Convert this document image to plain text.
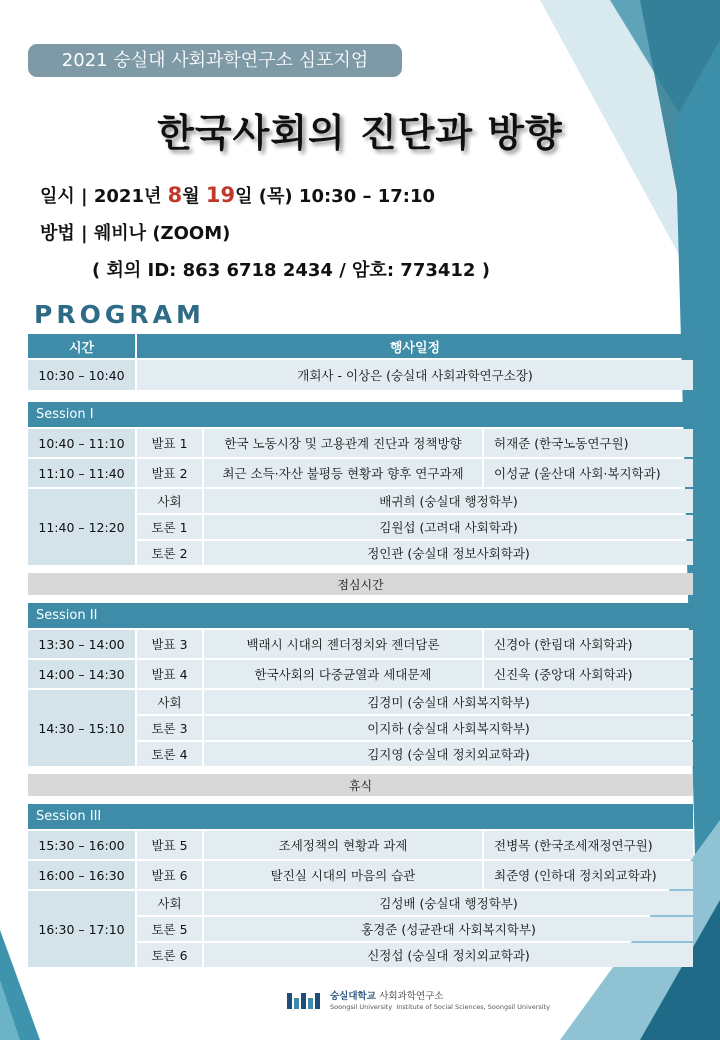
2021 숭실대 사회과학연구소 심포지엄
한국사회의 진단과 방향
일시 | 2021년 8월 19일 (목) 10:30 – 17:10
방법 | 웨비나 (ZOOM)
( 회의 ID: 863 6718 2434 / 암호: 773412 )
PROGRAM
시간	행사일정
10:30 – 10:40	개회사 - 이상은 (숭실대 사회과학연구소장)
Session I
10:40 – 11:10	발표 1	한국 노동시장 및 고용관계 진단과 정책방향	허재준 (한국노동연구원)
11:10 – 11:40	발표 2	최근 소득·자산 불평등 현황과 향후 연구과제	이성균 (울산대 사회·복지학과)
11:40 – 12:20
사회	배귀희 (숭실대 행정학부)
토론 1	김원섭 (고려대 사회학과)
토론 2	정인관 (숭실대 정보사회학과)
점심시간
Session II
13:30 – 14:00	발표 3	백래시 시대의 젠더정치와 젠더담론	신경아 (한림대 사회학과)
14:00 – 14:30	발표 4	한국사회의 다중균열과 세대문제	신진욱 (중앙대 사회학과)
14:30 – 15:10
사회	김경미 (숭실대 사회복지학부)
토론 3	이지하 (숭실대 사회복지학부)
토론 4	김지영 (숭실대 정치외교학과)
휴식
Session III
15:30 – 16:00	발표 5	조세정책의 현황과 과제	전병목 (한국조세재정연구원)
16:00 – 16:30	발표 6	탈진실 시대의 마음의 습관	최준영 (인하대 정치외교학과)
16:30 – 17:10
사회	김성배 (숭실대 행정학부)
토론 5	홍경준 (성균관대 사회복지학부)
토론 6	신정섭 (숭실대 정치외교학과)
숭실대학교 사회과학연구소
Soongsil University Institute of Social Sciences, Soongsil University
